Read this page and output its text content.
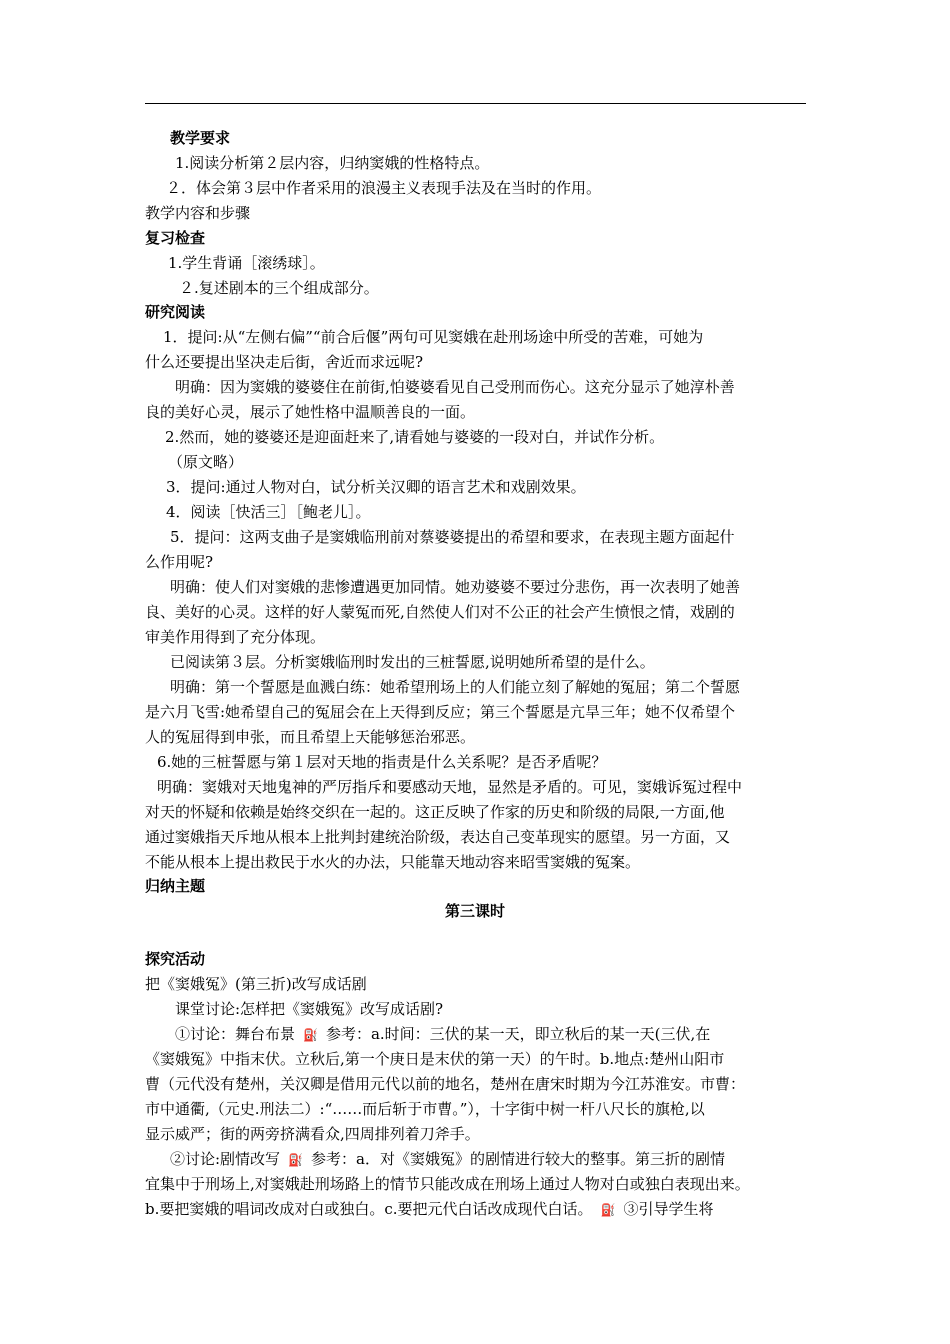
教学要求
1.阅读分析第２层内容，归纳窦娥的性格特点。
２．体会第３层中作者采用的浪漫主义表现手法及在当时的作用。
教学内容和步骤
复习检查
1.学生背诵［滚绣球］。
２.复述剧本的三个组成部分。
研究阅读
1．提问:从“左侧右偏”“前合后偃”两句可见窦娥在赴刑场途中所受的苦难，可她为
什么还要提出坚决走后街，舍近而求远呢?
明确：因为窦娥的婆婆住在前街,怕婆婆看见自己受刑而伤心。这充分显示了她淳朴善
良的美好心灵，展示了她性格中温顺善良的一面。
2.然而，她的婆婆还是迎面赶来了,请看她与婆婆的一段对白，并试作分析。
（原文略）
3．提问:通过人物对白，试分析关汉卿的语言艺术和戏剧效果。
4．阅读［快活三］［鲍老儿］。
5．提问：这两支曲子是窦娥临刑前对蔡婆婆提出的希望和要求，在表现主题方面起什
么作用呢?
明确：使人们对窦娥的悲惨遭遇更加同情。她劝婆婆不要过分悲伤，再一次表明了她善
良、美好的心灵。这样的好人蒙冤而死,自然使人们对不公正的社会产生愤恨之情，戏剧的
审美作用得到了充分体现。
已阅读第３层。分析窦娥临刑时发出的三桩誓愿,说明她所希望的是什么。
明确：第一个誓愿是血溅白练：她希望刑场上的人们能立刻了解她的冤屈；第二个誓愿
是六月飞雪:她希望自己的冤屈会在上天得到反应；第三个誓愿是亢旱三年；她不仅希望个
人的冤屈得到申张，而且希望上天能够惩治邪恶。
6.她的三桩誓愿与第１层对天地的指责是什么关系呢？是否矛盾呢？
明确：窦娥对天地鬼神的严厉指斥和要感动天地，显然是矛盾的。可见，窦娥诉冤过程中
对天的怀疑和依赖是始终交织在一起的。这正反映了作家的历史和阶级的局限,一方面,他
通过窦娥指天斥地从根本上批判封建统治阶级，表达自己变革现实的愿望。另一方面，又
不能从根本上提出救民于水火的办法，只能靠天地动容来昭雪窦娥的冤案。
归纳主题
第三课时
探究活动
把《窦娥冤》(第三折)改写成话剧
课堂讨论:怎样把《窦娥冤》改写成话剧?
①讨论：舞台布景 ⛽ 参考：a.时间：三伏的某一天，即立秋后的某一天(三伏,在
《窦娥冤》中指末伏。立秋后,第一个庚日是末伏的第一天）的午时。b.地点:楚州山阳市
曹（元代没有楚州，关汉卿是借用元代以前的地名，楚州在唐宋时期为今江苏淮安。市曹：
市中通衢,（元史.刑法二）:“……而后斩于市曹。”），十字街中树一杆八尺长的旗枪,以
显示威严；街的两旁挤满看众,四周排列着刀斧手。
②讨论:剧情改写 ⛽ 参考：a．对《窦娥冤》的剧情进行较大的整事。第三折的剧情
宜集中于刑场上,对窦娥赴刑场路上的情节只能改成在刑场上通过人物对白或独白表现出来。
b.要把窦娥的唱词改成对白或独白。c.要把元代白话改成现代白话。 ⛽ ③引导学生将
